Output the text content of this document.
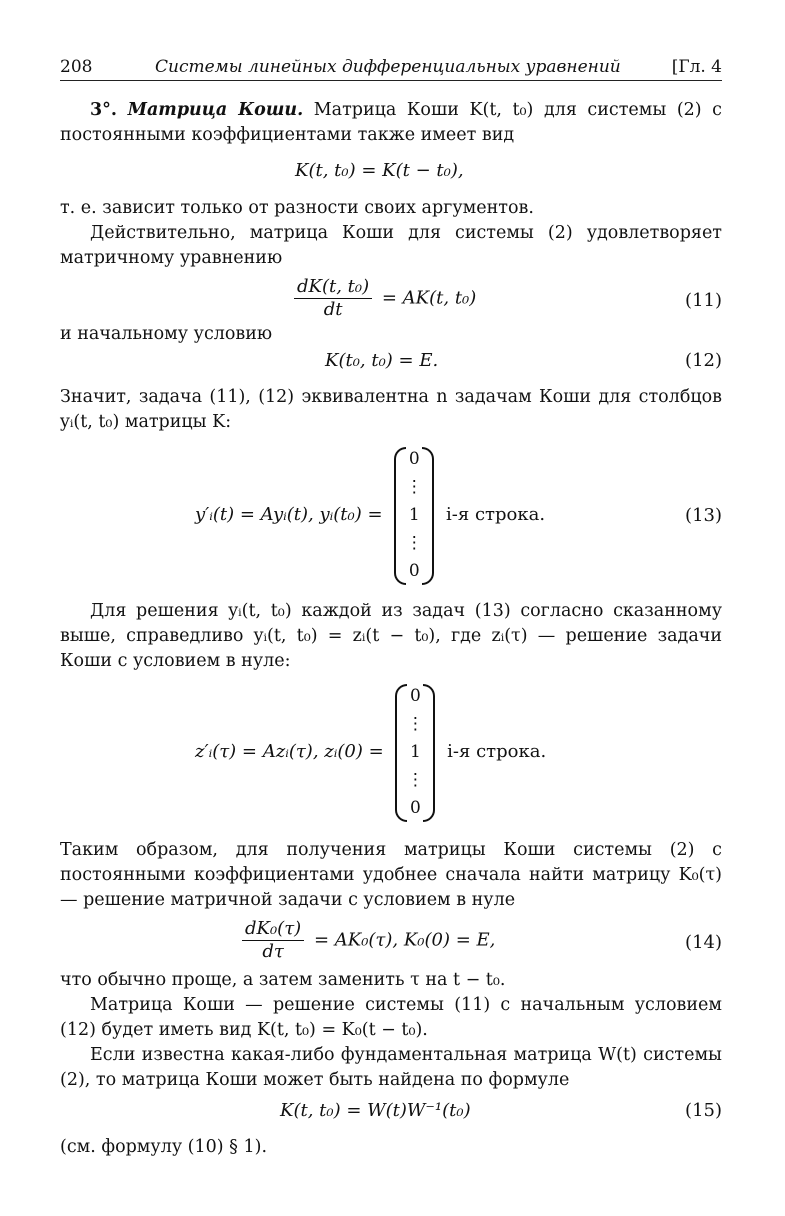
208	Системы линейных дифференциальных уравнений	[Гл. 4
3°. Матрица Коши. Матрица Коши K(t, t₀) для системы (2) с постоянными коэффициентами также имеет вид
K(t, t₀) = K(t − t₀),
т. е. зависит только от разности своих аргументов.
Действительно, матрица Коши для системы (2) удовлетворяет матричному уравнению
$\frac{\text{dK(t, t₀)}}{dt} = AK(t$, t₀)	(11)
и начальному условию
K(t₀, t₀) = E.	(12)
Значит, задача (11), (12) эквивалентна n задачам Коши для столбцов yᵢ(t, t₀) матрицы K:
y′ᵢ(t) = Ayᵢ(t), yᵢ(t₀) =
0
⋮
1
⋮
0
i-я строка.	(13)
Для решения yᵢ(t, t₀) каждой из задач (13) согласно сказанному выше, справедливо yᵢ(t, t₀) = zᵢ(t − t₀), где zᵢ(τ) — решение задачи Коши с условием в нуле:
z′ᵢ(τ) = Azᵢ(τ), zᵢ(0) =
0
⋮
1
⋮
0
i-я строка.
Таким образом, для получения матрицы Коши системы (2) с постоянными коэффициентами удобнее сначала найти матрицу K₀(τ) — решение матричной задачи с условием в нуле
$\frac{\text{dK₀(τ)}}{d\tau} = AK_0(\tau)$, K₀(0) = E,	(14)
что обычно проще, а затем заменить τ на t − t₀.
Матрица Коши — решение системы (11) с начальным условием (12) будет иметь вид K(t, t₀) = K₀(t − t₀).
Если известна какая-либо фундаментальная матрица W(t) системы (2), то матрица Коши может быть найдена по формуле
K(t, t₀) = W(t)W⁻¹(t₀)	(15)
(см. формулу (10) § 1).
